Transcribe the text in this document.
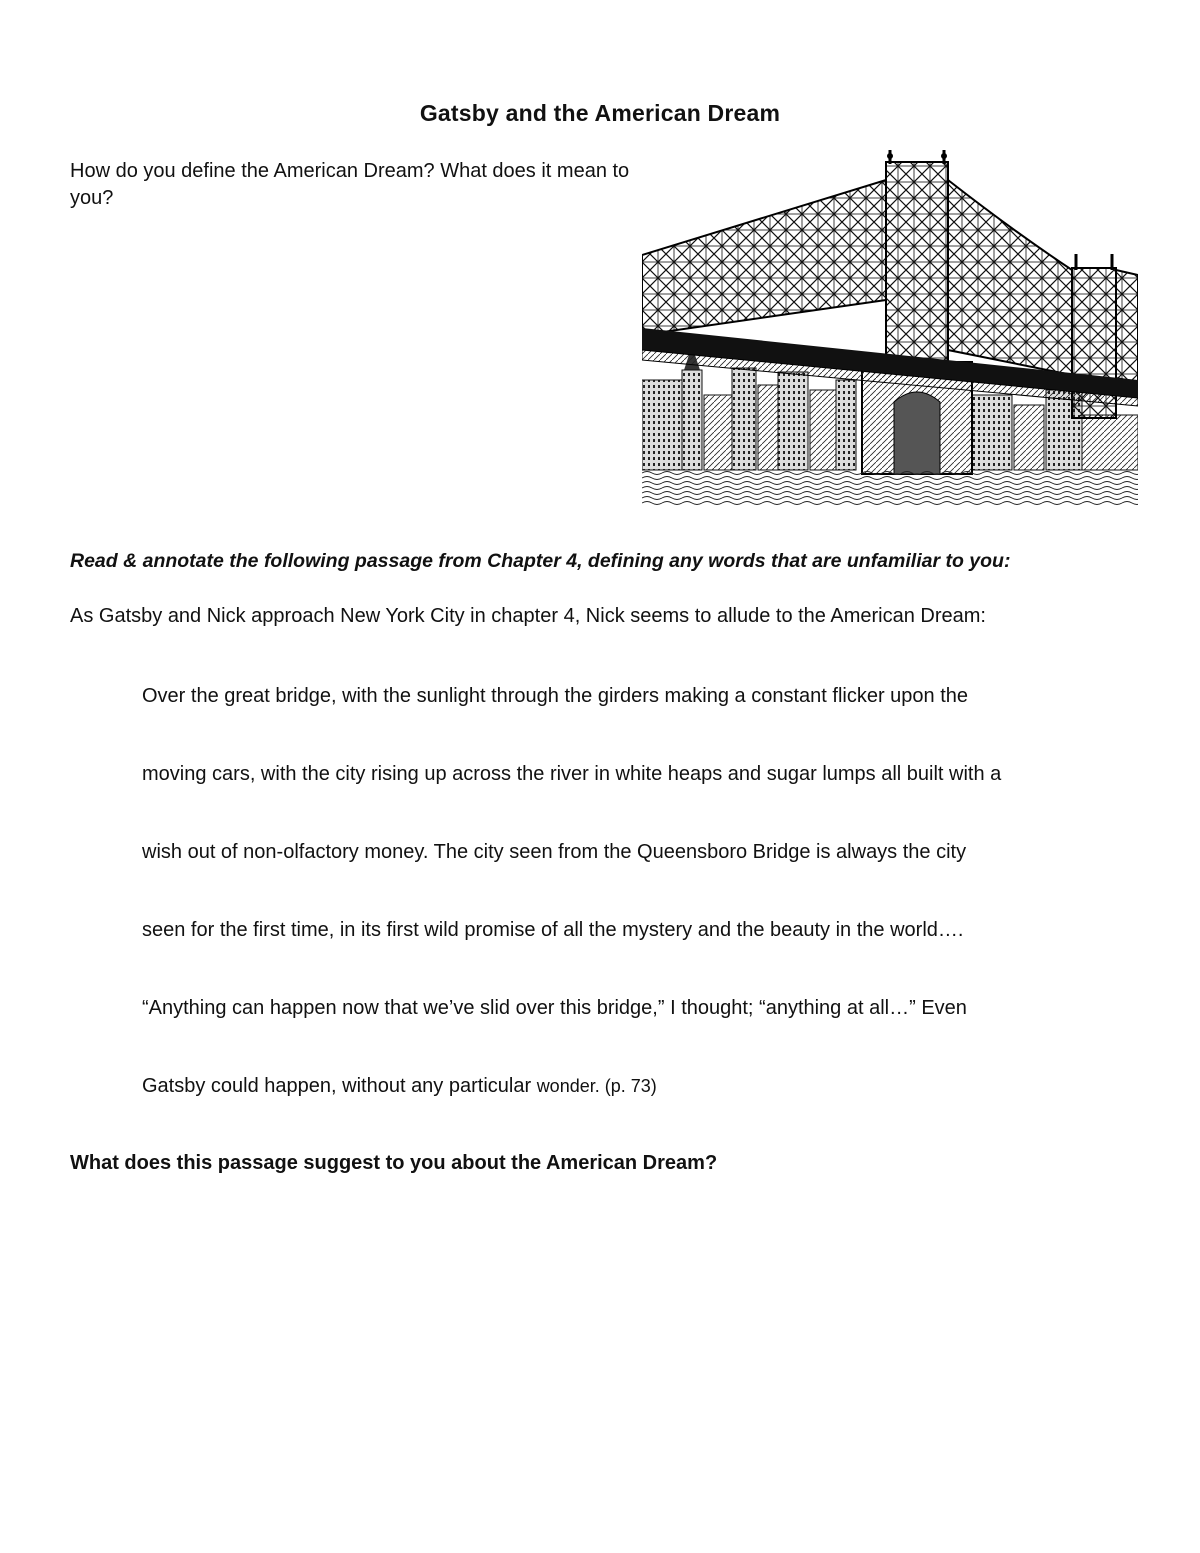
Gatsby and the American Dream
How do you define the American Dream? What does it mean to you?
Read & annotate the following passage from Chapter 4, defining any words that are unfamiliar to you:
As Gatsby and Nick approach New York City in chapter 4, Nick seems to allude to the American Dream:
Over the great bridge, with the sunlight through the girders making a constant flicker upon the
moving cars, with the city rising up across the river in white heaps and sugar lumps all built with a
wish out of non-olfactory money. The city seen from the Queensboro Bridge is always the city
seen for the first time, in its first wild promise of all the mystery and the beauty in the world….
“Anything can happen now that we’ve slid over this bridge,” I thought; “anything at all…” Even
Gatsby could happen, without any particular wonder. (p. 73)
What does this passage suggest to you about the American Dream?
